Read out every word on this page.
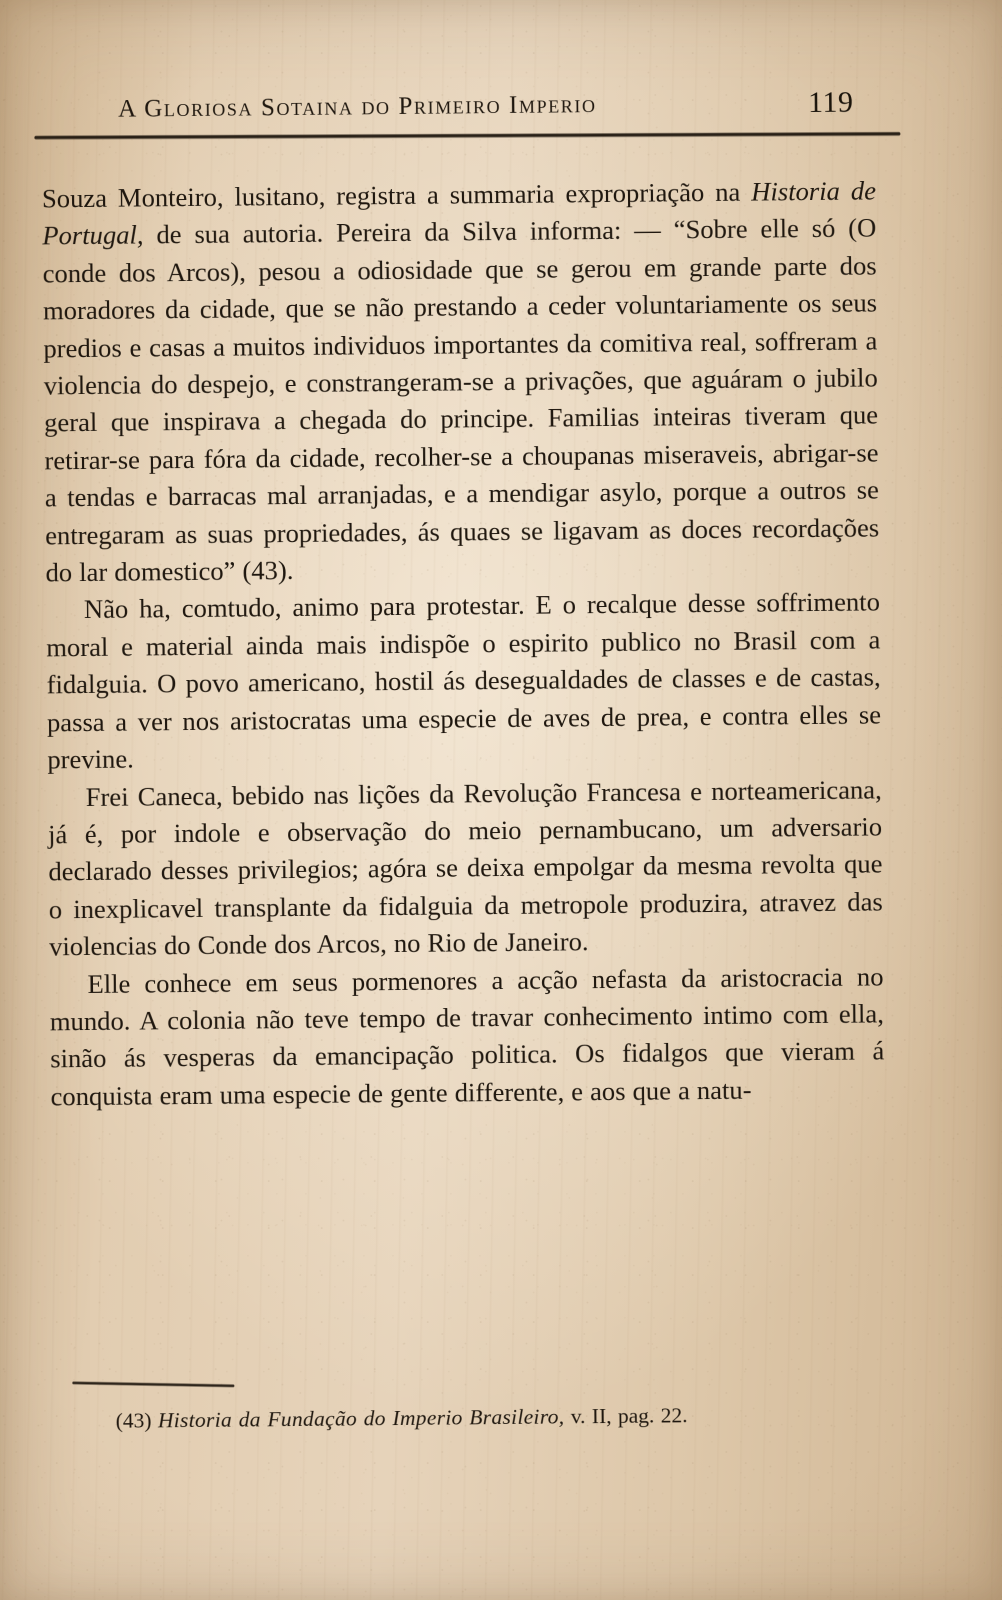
A Gloriosa Sotaina do Primeiro Imperio	119

Souza Monteiro, lusitano, registra a summaria expropriação na Historia de Portugal, de sua autoria. Pereira da Silva informa: — “Sobre elle só (O conde dos Arcos), pesou a odiosidade que se gerou em grande parte dos moradores da cidade, que se não prestando a ceder voluntariamente os seus predios e casas a muitos individuos importantes da comitiva real, soffreram a violencia do despejo, e constrangeram-se a privações, que aguáram o jubilo geral que inspirava a chegada do principe. Familias inteiras tiveram que retirar-se para fóra da cidade, recolher-se a choupanas miseraveis, abrigar-se a tendas e barracas mal arranjadas, e a mendigar asylo, porque a outros se entregaram as suas propriedades, ás quaes se ligavam as doces recordações do lar domestico” (43).

Não ha, comtudo, animo para protestar. E o recalque desse soffrimento moral e material ainda mais indispõe o espirito publico no Brasil com a fidalguia. O povo americano, hostil ás desegualdades de classes e de castas, passa a ver nos aristocratas uma especie de aves de prea, e contra elles se previne.

Frei Caneca, bebido nas lições da Revolução Francesa e norteamericana, já é, por indole e observação do meio pernambucano, um adversario declarado desses privilegios; agóra se deixa empolgar da mesma revolta que o inexplicavel transplante da fidalguia da metropole produzira, atravez das violencias do Conde dos Arcos, no Rio de Janeiro.

Elle conhece em seus pormenores a acção nefasta da aristocracia no mundo. A colonia não teve tempo de travar conhecimento intimo com ella, sinão ás vesperas da emancipação politica. Os fidalgos que vieram á conquista eram uma especie de gente differente, e aos que a natu-

(43) Historia da Fundação do Imperio Brasileiro, v. II, pag. 22.
